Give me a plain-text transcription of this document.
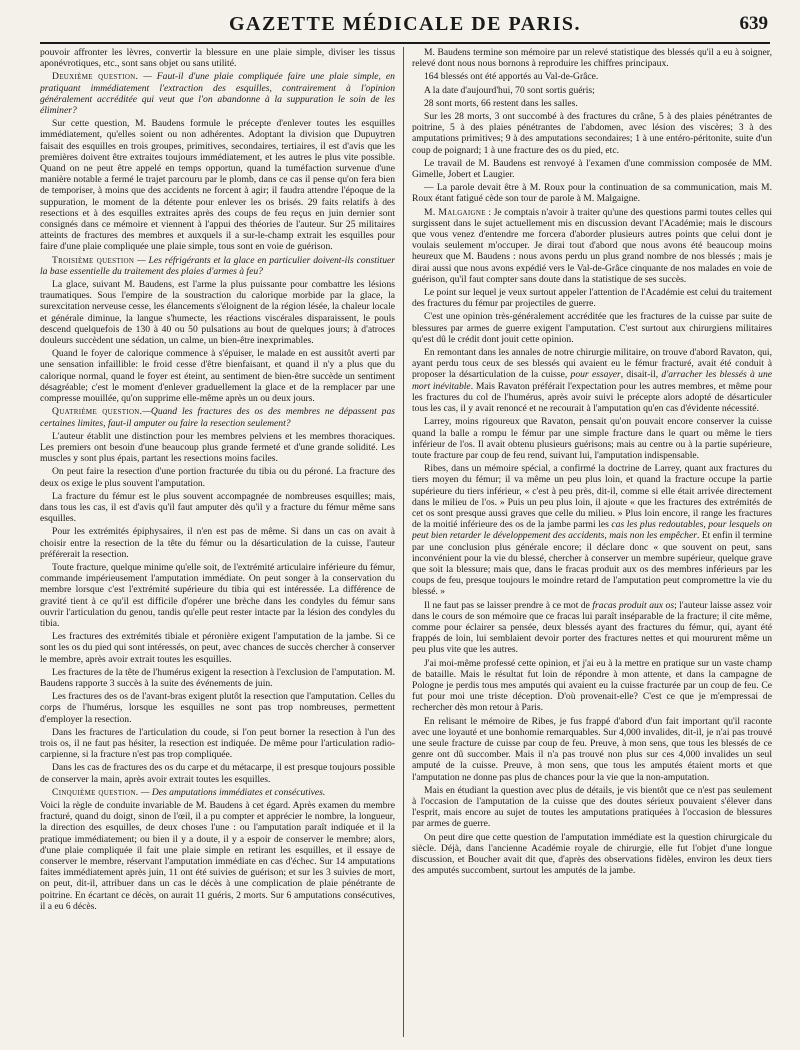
GAZETTE MÉDICALE DE PARIS.	639

pouvoir affronter les lèvres, convertir la blessure en une plaie simple, diviser les tissus aponévrotiques, etc., sont sans objet ou sans utilité.

Deuxième question. — Faut-il d'une plaie compliquée faire une plaie simple, en pratiquant immédiatement l'extraction des esquilles, contrairement à l'opinion généralement accréditée qui veut que l'on abandonne à la suppuration le soin de les éliminer?

Sur cette question, M. Baudens formule le précepte d'enlever toutes les esquilles immédiatement, qu'elles soient ou non adhérentes. Adoptant la division que Dupuytren faisait des esquilles en trois groupes, primitives, secondaires, tertiaires, il est d'avis que les premières doivent être extraites toujours immédiatement, et les autres le plus vite possible. Quand on ne peut être appelé en temps opportun, quand la tuméfaction survenue d'une manière notable a fermé le trajet parcouru par le plomb, dans ce cas il pense qu'on fera bien de temporiser, à moins que des accidents ne forcent à agir; il faudra attendre l'époque de la suppuration, le moment de la détente pour enlever les os brisés. 29 faits relatifs à des resections et à des esquilles extraites après des coups de feu reçus en juin dernier sont consignés dans ce mémoire et viennent à l'appui des théories de l'auteur. Sur 25 militaires atteints de fractures des membres et auxquels il a sur-le-champ extrait les esquilles pour faire d'une plaie compliquée une plaie simple, tous sont en voie de guérison.

Troisième question — Les réfrigérants et la glace en particulier doivent-ils constituer la base essentielle du traitement des plaies d'armes à feu?

La glace, suivant M. Baudens, est l'arme la plus puissante pour combattre les lésions traumatiques. Sous l'empire de la soustraction du calorique morbide par la glace, la surexcitation nerveuse cesse, les élancements s'éloignent de la région lésée, la chaleur locale et générale diminue, la langue s'humecte, les réactions viscérales disparaissent, le pouls descend quelquefois de 130 à 40 ou 50 pulsations au bout de quelques jours; à d'atroces douleurs succèdent une sédation, un calme, un bien-être inexprimables.

Quand le foyer de calorique commence à s'épuiser, le malade en est aussitôt averti par une sensation infaillible: le froid cesse d'être bienfaisant, et quand il n'y a plus que du calorique normal, quand le foyer est éteint, au sentiment de bien-être succède un sentiment désagréable; c'est le moment d'enlever graduellement la glace et de la remplacer par une compresse mouillée, qu'on supprime elle-même après un ou deux jours.

Quatrième question.—Quand les fractures des os des membres ne dépassent pas certaines limites, faut-il amputer ou faire la resection seulement?

L'auteur établit une distinction pour les membres pelviens et les membres thoraciques. Les premiers ont besoin d'une beaucoup plus grande fermeté et d'une grande solidité. Les muscles y sont plus épais, partant les resections moins faciles.

On peut faire la resection d'une portion fracturée du tibia ou du péroné. La fracture des deux os exige le plus souvent l'amputation.

La fracture du fémur est le plus souvent accompagnée de nombreuses esquilles; mais, dans tous les cas, il est d'avis qu'il faut amputer dès qu'il y a fracture du fémur même sans esquilles.

Pour les extrémités épiphysaires, il n'en est pas de même. Si dans un cas on avait à choisir entre la resection de la tête du fémur ou la désarticulation de la cuisse, l'auteur préférerait la resection.

Toute fracture, quelque minime qu'elle soit, de l'extrémité articulaire inférieure du fémur, commande impérieusement l'amputation immédiate. On peut songer à la conservation du membre lorsque c'est l'extrémité supérieure du tibia qui est intéressée. La différence de gravité tient à ce qu'il est difficile d'opérer une brèche dans les condyles du fémur sans ouvrir l'articulation du genou, tandis qu'elle peut rester intacte par la lésion des condyles du tibia.

Les fractures des extrémités tibiale et péronière exigent l'amputation de la jambe. Si ce sont les os du pied qui sont intéressés, on peut, avec chances de succès chercher à conserver le membre, après avoir extrait toutes les esquilles.

Les fractures de la tête de l'humérus exigent la resection à l'exclusion de l'amputation. M. Baudens rapporte 3 succès à la suite des événements de juin.

Les fractures des os de l'avant-bras exigent plutôt la resection que l'amputation. Celles du corps de l'humérus, lorsque les esquilles ne sont pas trop nombreuses, permettent d'employer la resection.

Dans les fractures de l'articulation du coude, si l'on peut borner la resection à l'un des trois os, il ne faut pas hésiter, la resection est indiquée. De même pour l'articulation radio-carpienne, si la fracture n'est pas trop compliquée.

Dans les cas de fractures des os du carpe et du métacarpe, il est presque toujours possible de conserver la main, après avoir extrait toutes les esquilles.

Cinquième question. — Des amputations immédiates et consécutives.

Voici la règle de conduite invariable de M. Baudens à cet égard. Après examen du membre fracturé, quand du doigt, sinon de l'œil, il a pu compter et apprécier le nombre, la longueur, la direction des esquilles, de deux choses l'une : ou l'amputation paraît indiquée et il la pratique immédiatement; ou bien il y a doute, il y a espoir de conserver le membre; alors, d'une plaie compliquée il fait une plaie simple en retirant les esquilles, et il essaye de conserver le membre, réservant l'amputation immédiate en cas d'échec. Sur 14 amputations faites immédiatement après juin, 11 ont été suivies de guérison; et sur les 3 suivies de mort, on peut, dit-il, attribuer dans un cas le décès à une complication de plaie pénétrante de poitrine. En écartant ce décès, on aurait 11 guéris, 2 morts. Sur 6 amputations consécutives, il a eu 6 décès.

M. Baudens termine son mémoire par un relevé statistique des blessés qu'il a eu à soigner, relevé dont nous nous bornons à reproduire les chiffres principaux.

164 blessés ont été apportés au Val-de-Grâce.

A la date d'aujourd'hui, 70 sont sortis guéris;

28 sont morts, 66 restent dans les salles.

Sur les 28 morts, 3 ont succombé à des fractures du crâne, 5 à des plaies pénétrantes de poitrine, 5 à des plaies pénétrantes de l'abdomen, avec lésion des viscères; 3 à des amputations primitives; 9 à des amputations secondaires; 1 à une entéro-péritonite, suite d'un coup de poignard; 1 à une fracture des os du pied, etc.

Le travail de M. Baudens est renvoyé à l'examen d'une commission composée de MM. Gimelle, Jobert et Laugier.

— La parole devait être à M. Roux pour la continuation de sa communication, mais M. Roux étant fatigué cède son tour de parole à M. Malgaigne.

M. Malgaigne : Je comptais n'avoir à traiter qu'une des questions parmi toutes celles qui surgissent dans le sujet actuellement mis en discussion devant l'Académie; mais le discours que vous venez d'entendre me forcera d'aborder plusieurs autres points que celui dont je voulais seulement m'occuper. Je dirai tout d'abord que nous avons été beaucoup moins heureux que M. Baudens : nous avons perdu un plus grand nombre de nos blessés ; mais je dirai aussi que nous avons expédié vers le Val-de-Grâce cinquante de nos malades en voie de guérison, qu'il faut compter sans doute dans la statistique de ses succès.

Le point sur lequel je veux surtout appeler l'attention de l'Académie est celui du traitement des fractures du fémur par projectiles de guerre.

C'est une opinion très-généralement accréditée que les fractures de la cuisse par suite de blessures par armes de guerre exigent l'amputation. C'est surtout aux chirurgiens militaires qu'est dû le crédit dont jouit cette opinion.

En remontant dans les annales de notre chirurgie militaire, on trouve d'abord Ravaton, qui, ayant perdu tous ceux de ses blessés qui avaient eu le fémur fracturé, avait été conduit à proposer la désarticulation de la cuisse, pour essayer, disait-il, d'arracher les blessés à une mort inévitable. Mais Ravaton préférait l'expectation pour les autres membres, et même pour les fractures du col de l'humérus, après avoir suivi le précepte alors adopté de désarticuler tous les cas, il y avait renoncé et ne recourait à l'amputation qu'en cas d'évidente nécessité.

Larrey, moins rigoureux que Ravaton, pensait qu'on pouvait encore conserver la cuisse quand la balle a rompu le fémur par une simple fracture dans le quart ou même le tiers inférieur de l'os. Il avait obtenu plusieurs guérisons; mais au centre ou à la partie supérieure, toute fracture par coup de feu rend, suivant lui, l'amputation indispensable.

Ribes, dans un mémoire spécial, a confirmé la doctrine de Larrey, quant aux fractures du tiers moyen du fémur; il va même un peu plus loin, et quand la fracture occupe la partie supérieure du tiers inférieur, « c'est à peu près, dit-il, comme si elle était arrivée directement dans le milieu de l'os. » Puis un peu plus loin, il ajoute « que les fractures des extrémités de cet os sont presque aussi graves que celle du milieu. » Plus loin encore, il range les fractures de la moitié inférieure des os de la jambe parmi les cas les plus redoutables, pour lesquels on peut bien retarder le développement des accidents, mais non les empêcher. Et enfin il termine par une conclusion plus générale encore; il déclare donc « que souvent on peut, sans inconvénient pour la vie du blessé, chercher à conserver un membre supérieur, quelque grave que soit la blessure; mais que, dans le fracas produit aux os des membres inférieurs par les coups de feu, presque toujours le moindre retard de l'amputation peut compromettre la vie du blessé. »

Il ne faut pas se laisser prendre à ce mot de fracas produit aux os; l'auteur laisse assez voir dans le cours de son mémoire que ce fracas lui paraît inséparable de la fracture; il cite même, comme pour éclairer sa pensée, deux blessés ayant des fractures du fémur, qui, ayant été frappés de loin, lui semblaient devoir porter des fractures nettes et qui moururent même un peu plus vite que les autres.

J'ai moi-même professé cette opinion, et j'ai eu à la mettre en pratique sur un vaste champ de bataille. Mais le résultat fut loin de répondre à mon attente, et dans la campagne de Pologne je perdis tous mes amputés qui avaient eu la cuisse fracturée par un coup de feu. Ce fut pour moi une triste déception. D'où provenait-elle? C'est ce que je m'empressai de rechercher dès mon retour à Paris.

En relisant le mémoire de Ribes, je fus frappé d'abord d'un fait important qu'il raconte avec une loyauté et une bonhomie remarquables. Sur 4,000 invalides, dit-il, je n'ai pas trouvé une seule fracture de cuisse par coup de feu. Preuve, à mon sens, que tous les blessés de ce genre ont dû succomber. Mais il n'a pas trouvé non plus sur ces 4,000 invalides un seul amputé de la cuisse. Preuve, à mon sens, que tous les amputés étaient morts et que l'amputation ne donne pas plus de chances pour la vie que la non-amputation.

Mais en étudiant la question avec plus de détails, je vis bientôt que ce n'est pas seulement à l'occasion de l'amputation de la cuisse que des doutes sérieux pouvaient s'élever dans l'esprit, mais encore au sujet de toutes les amputations pratiquées à l'occasion de blessures par armes de guerre.

On peut dire que cette question de l'amputation immédiate est la question chirurgicale du siècle. Déjà, dans l'ancienne Académie royale de chirurgie, elle fut l'objet d'une longue discussion, et Boucher avait dit que, d'après des observations fidèles, environ les deux tiers des amputés succombent, surtout les amputés de la jambe.
